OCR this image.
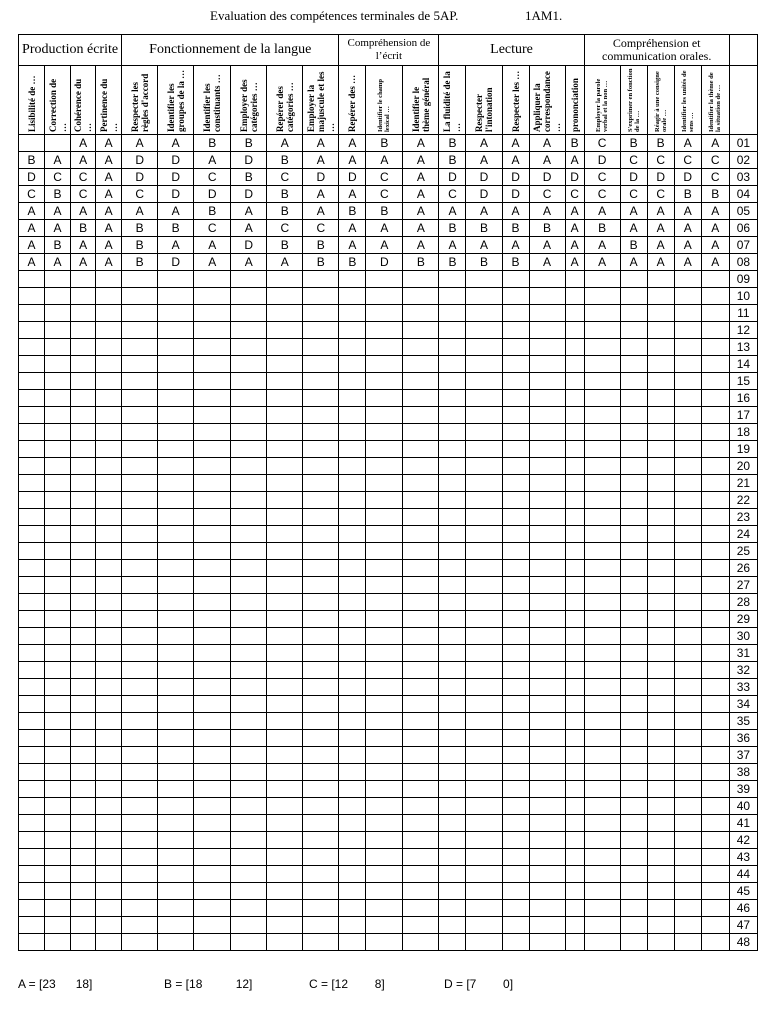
Evaluation des compétences terminales de 5AP.	1AM1.
Production écrite				Fonctionnement de la langue						Compréhension de l’écrit			Lecture					Compréhension et communication orales.					

Lisibilité de …	Correction de …	Cohérence du …	Pertinence du …	Respecter les règles d'accord	Identifier les groupes de la …	Identifier les constituants …	Employer des catégories …	Repérer des catégories …	Employer la majuscule et les …	Repérer des …	Identifier le champ lexical …	Identifier le thème général	La fluidité de la …	Respecter l'intonation	Respecter les …	Appliquer la correspondance …	prononciation	Employer la parole verbal et la non …	S'exprimer en fonction de la …	Réagir à une consigne orale …	Identifier les unités de sens …	Identifier la thème de la situation de …	

		A	A	A	A	B	B	A	A	A	B	A	B	A	A	A	B	C	B	B	A	A	01
B	A	A	A	D	D	A	D	B	A	A	A	A	B	A	A	A	A	D	C	C	C	C	02
D	C	C	A	D	D	C	B	C	D	D	C	A	D	D	D	D	D	C	D	D	D	C	03
C	B	C	A	C	D	D	D	B	A	A	C	A	C	D	D	C	C	C	C	C	B	B	04
A	A	A	A	A	A	B	A	B	A	B	B	A	A	A	A	A	A	A	A	A	A	A	05
A	A	B	A	B	B	C	A	C	C	A	A	A	B	B	B	B	A	B	A	A	A	A	06
A	B	A	A	B	A	A	D	B	B	A	A	A	A	A	A	A	A	A	B	A	A	A	07
A	A	A	A	B	D	A	A	A	B	B	D	B	B	B	B	A	A	A	A	A	A	A	08
																							09
																							10
																							11
																							12
																							13
																							14
																							15
																							16
																							17
																							18
																							19
																							20
																							21
																							22
																							23
																							24
																							25
																							26
																							27
																							28
																							29
																							30
																							31
																							32
																							33
																							34
																							35
																							36
																							37
																							38
																							39
																							40
																							41
																							42
																							43
																							44
																							45
																							46
																							47
																							48
A = [23      18]	B = [18          12]	C = [12        8]	D = [7        0]
